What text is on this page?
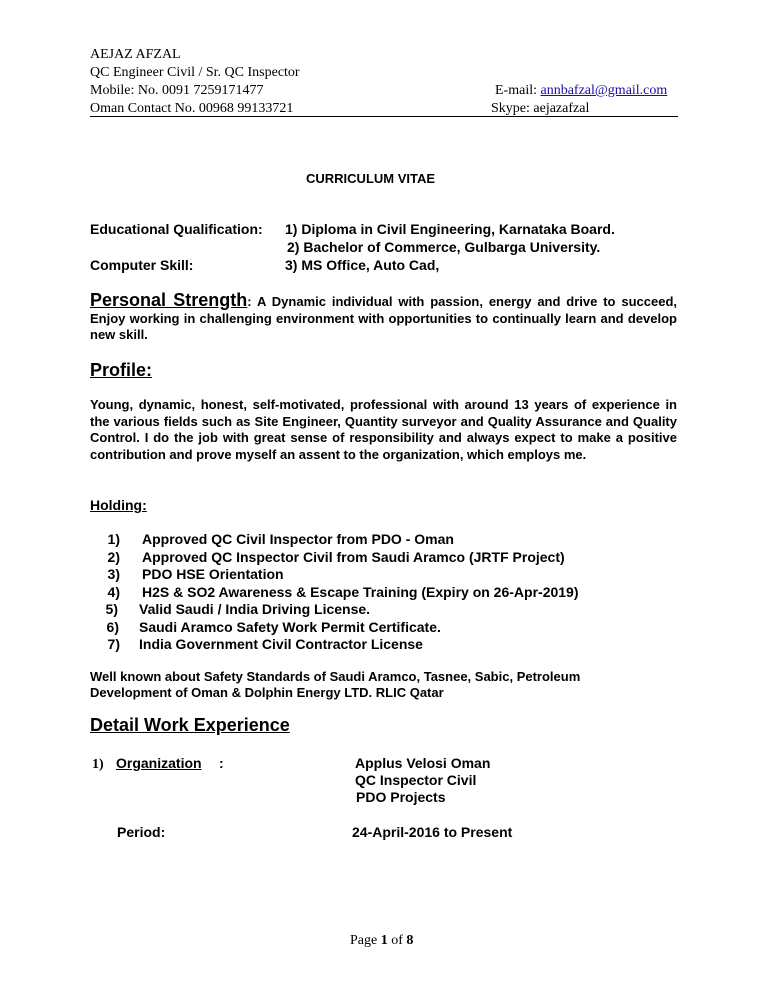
AEJAZ AFZAL
QC Engineer Civil / Sr. QC Inspector
Mobile: No. 0091 7259171477	E-mail: annbafzal@gmail.com
Oman Contact No. 00968 99133721	Skype: aejazafzal
CURRICULUM VITAE
Educational Qualification: 1) Diploma in Civil Engineering, Karnataka Board.
2) Bachelor of Commerce, Gulbarga University.
Computer Skill:	3) MS Office, Auto Cad,
Personal Strength: A Dynamic individual with passion, energy and drive to succeed, Enjoy working in challenging environment with opportunities to continually learn and develop new skill.
Profile:
Young, dynamic, honest, self-motivated, professional with around 13 years of experience in the various fields such as Site Engineer, Quantity surveyor and Quality Assurance and Quality Control. I do the job with great sense of responsibility and always expect to make a positive contribution and prove myself an assent to the organization, which employs me.
Holding:
1) Approved QC Civil Inspector from PDO - Oman
2) Approved QC Inspector Civil from Saudi Aramco (JRTF Project)
3) PDO HSE Orientation
4) H2S & SO2 Awareness & Escape Training (Expiry on 26-Apr-2019)
5) Valid Saudi / India Driving License.
6) Saudi Aramco Safety Work Permit Certificate.
7) India Government Civil Contractor License
Well known about Safety Standards of Saudi Aramco, Tasnee, Sabic, Petroleum
Development of Oman & Dolphin Energy LTD. RLIC Qatar
Detail Work Experience
1) Organization :	Applus Velosi Oman
QC Inspector Civil
PDO Projects
Period:	24-April-2016 to Present
Page 1 of 8
